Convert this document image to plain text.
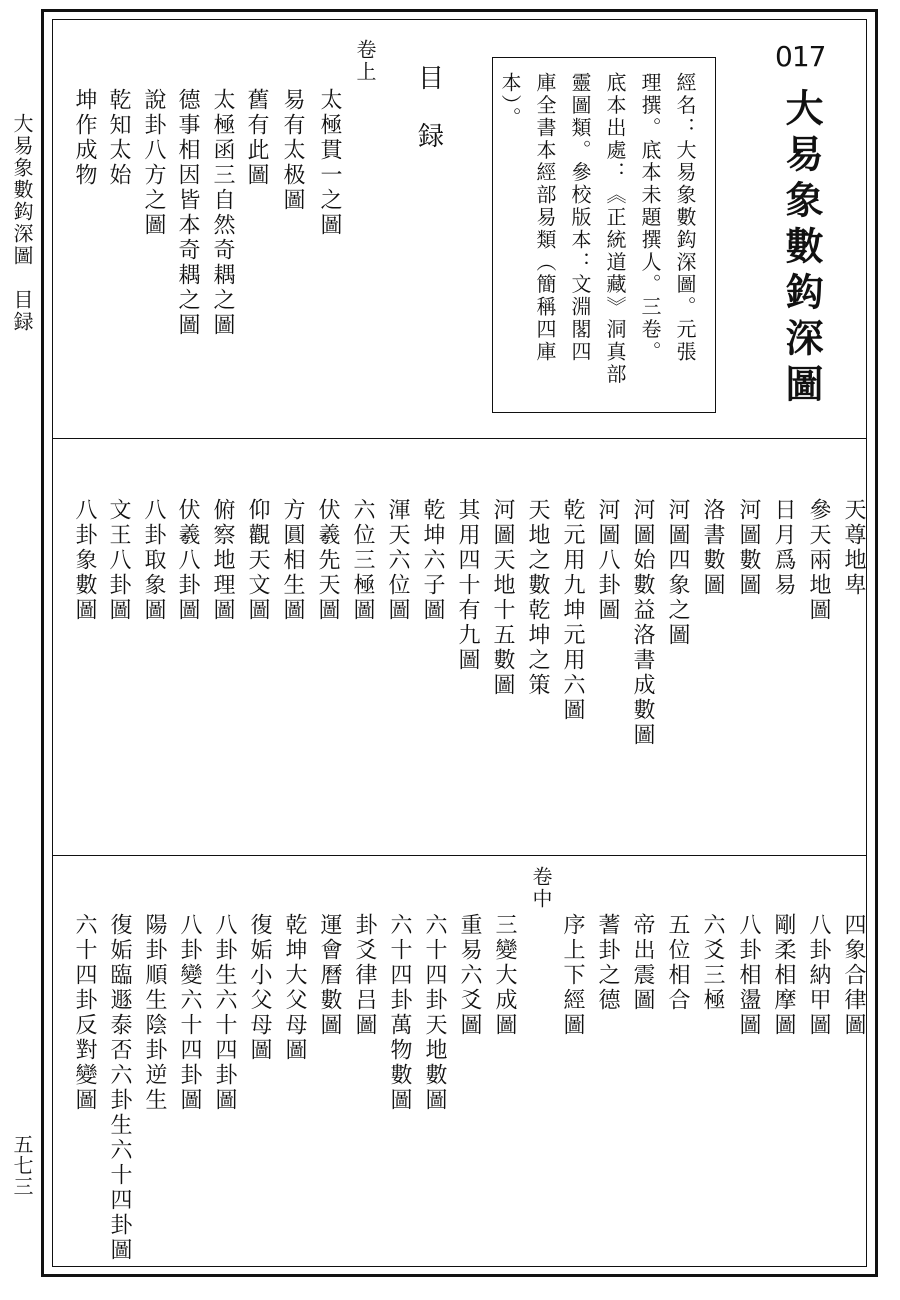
大易象數鈎深圖　目録
五七三
017
大易象數鈎深圖
經名：大易象數鈎深圖。元張
理撰。底本未題撰人。三卷。
底本出處：《正統道藏》洞真部
靈圖類。參校版本：文淵閣四
庫全書本經部易類（簡稱四庫
本）。
目
録
卷上
太極貫一之圖
易有太极圖
舊有此圖
太極函三自然奇耦之圖
德事相因皆本奇耦之圖
說卦八方之圖
乾知太始
坤作成物
天尊地卑
參天兩地圖
日月爲易
河圖數圖
洛書數圖
河圖四象之圖
河圖始數益洛書成數圖
河圖八卦圖
乾元用九坤元用六圖
天地之數乾坤之策
河圖天地十五數圖
其用四十有九圖
乾坤六子圖
渾天六位圖
六位三極圖
伏羲先天圖
方圓相生圖
仰觀天文圖
俯察地理圖
伏羲八卦圖
八卦取象圖
文王八卦圖
八卦象數圖
四象合律圖
八卦納甲圖
剛柔相摩圖
八卦相盪圖
六爻三極
五位相合
帝出震圖
蓍卦之德
序上下經圖
卷中
三變大成圖
重易六爻圖
六十四卦天地數圖
六十四卦萬物數圖
卦爻律吕圖
運會曆數圖
乾坤大父母圖
復姤小父母圖
八卦生六十四卦圖
八卦變六十四卦圖
陽卦順生陰卦逆生
復姤臨遯泰否六卦生六十四卦圖
六十四卦反對變圖
